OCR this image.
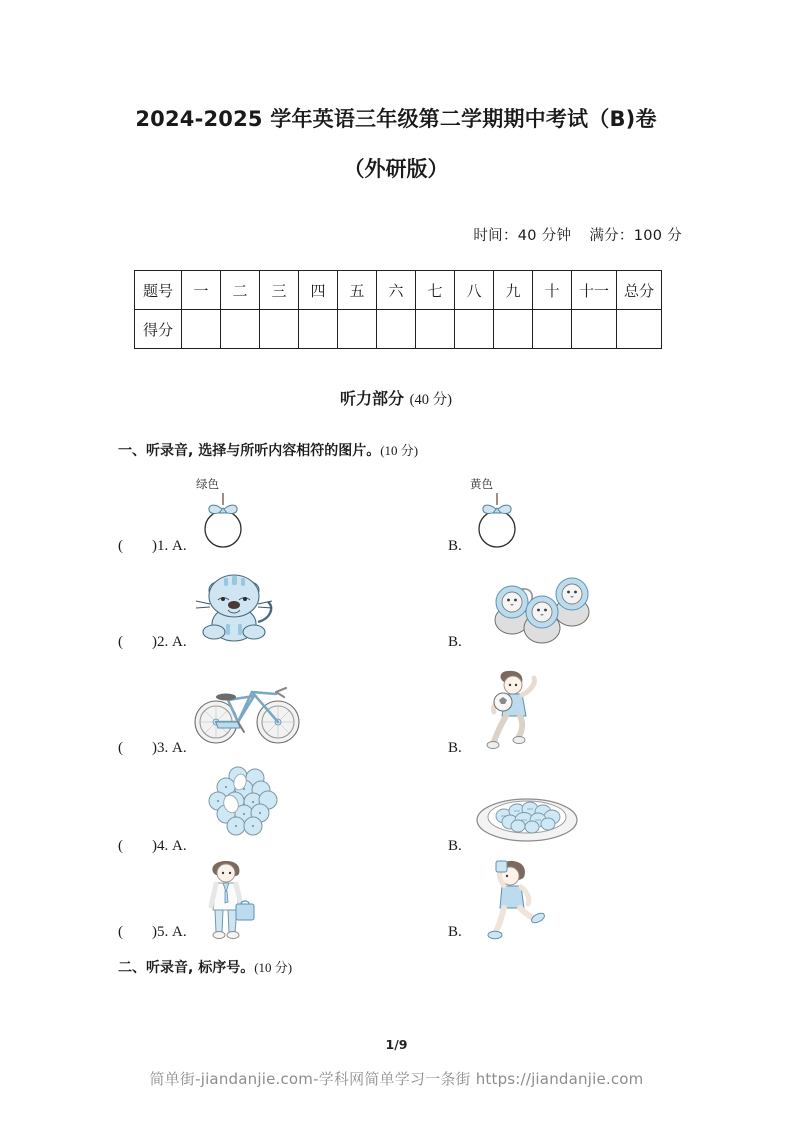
2024-2025 学年英语三年级第二学期期中考试（B)卷
（外研版）
时间：40 分钟 满分：100 分
题号	一	二	三	四	五	六	七	八	九	十	十一	总分
得分												
听力部分 (40 分)
一、听录音, 选择与所听内容相符的图片。(10 分)
绿色	黄色
( )1. A.	B.
( )2. A.	B.
( )3. A.	B.
( )4. A.	B.
( )5. A.	B.
二、听录音, 标序号。(10 分)
1/9
简单街-jiandanjie.com-学科网简单学习一条街 https://jiandanjie.com
